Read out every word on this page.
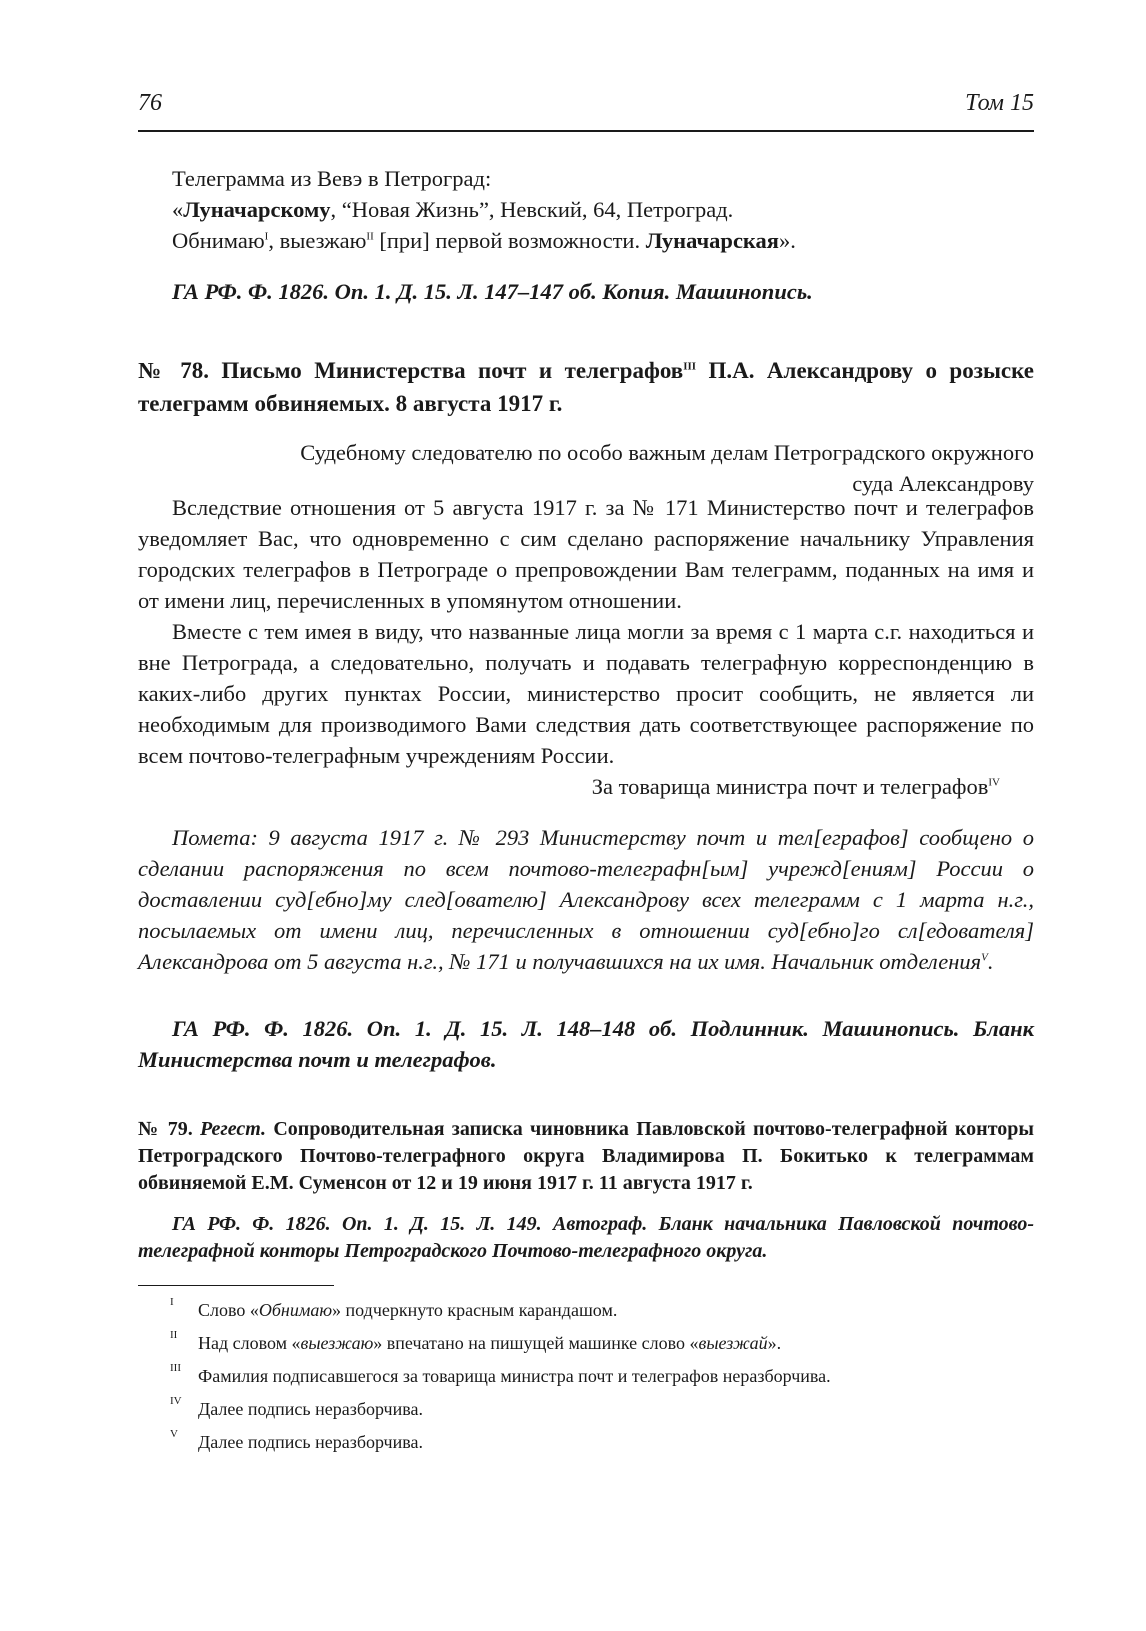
76	Том 15

Телеграмма из Вевэ в Петроград:

«Луначарскому, “Новая Жизнь”, Невский, 64, Петроград.

Обнимаю$^I$, выезжаю$^{II}$ [при] первой возможности. Луначарская».

ГА РФ. Ф. 1826. Оп. 1. Д. 15. Л. 147–147 об. Копия. Машинопись.

№ 78. Письмо Министерства почт и телеграфов$^{III}$ П.А. Александрову о розыске телеграмм обвиняемых. 8 августа 1917 г.

Судебному следователю по особо важным делам Петроградского окружного

суда Александрову

Вследствие отношения от 5 августа 1917 г. за № 171 Министерство почт и телеграфов уведомляет Вас, что одновременно с сим сделано распоряжение начальнику Управления городских телеграфов в Петрограде о препровождении Вам телеграмм, поданных на имя и от имени лиц, перечисленных в упомянутом отношении.

Вместе с тем имея в виду, что названные лица могли за время с 1 марта с.г. находиться и вне Петрограда, а следовательно, получать и подавать телеграфную корреспонденцию в каких-либо других пунктах России, министерство просит сообщить, не является ли необходимым для производимого Вами следствия дать соответствующее распоряжение по всем почтово-телеграфным учреждениям России.

За товарища министра почт и телеграфов$^{IV}$

Помета: 9 августа 1917 г. № 293 Министерству почт и тел[еграфов] сообщено о сделании распоряжения по всем почтово-телеграфн[ым] учрежд[ениям] России о доставлении суд[ебно]му след[ователю] Александрову всех телеграмм с 1 марта н.г., посылаемых от имени лиц, перечисленных в отношении суд[ебно]го сл[едователя] Александрова от 5 августа н.г., № 171 и получавшихся на их имя. Начальник отделения$^V$.

ГА РФ. Ф. 1826. Оп. 1. Д. 15. Л. 148–148 об. Подлинник. Машинопись. Бланк Министерства почт и телеграфов.

№ 79. Регест. Сопроводительная записка чиновника Павловской почтово-телеграфной конторы Петроградского Почтово-телеграфного округа Владимирова П. Бокитько к телеграммам обвиняемой Е.М. Суменсон от 12 и 19 июня 1917 г. 11 августа 1917 г.

ГА РФ. Ф. 1826. Оп. 1. Д. 15. Л. 149. Автограф. Бланк начальника Павловской почтово-телеграфной конторы Петроградского Почтово-телеграфного округа.

I Слово «Обнимаю» подчеркнуто красным карандашом.
II Над словом «выезжаю» впечатано на пишущей машинке слово «выезжай».
III Фамилия подписавшегося за товарища министра почт и телеграфов неразборчива.
IV Далее подпись неразборчива.
V Далее подпись неразборчива.
